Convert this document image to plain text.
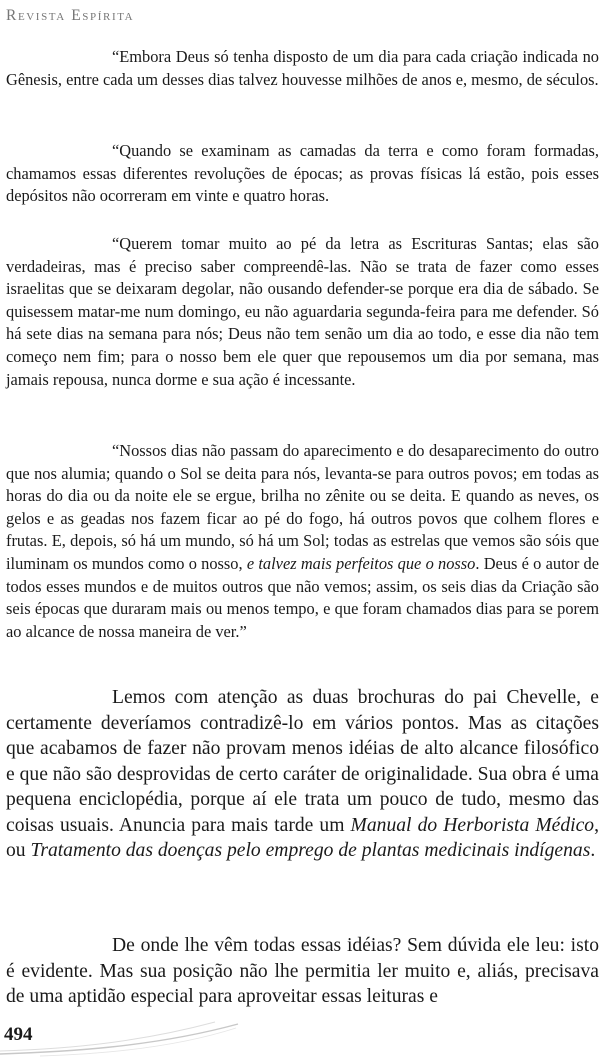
Revista Espírita

“Embora Deus só tenha disposto de um dia para cada criação indicada no Gênesis, entre cada um desses dias talvez houvesse milhões de anos e, mesmo, de séculos.

“Quando se examinam as camadas da terra e como foram formadas, chamamos essas diferentes revoluções de épocas; as provas físicas lá estão, pois esses depósitos não ocorreram em vinte e quatro horas.

“Querem tomar muito ao pé da letra as Escrituras Santas; elas são verdadeiras, mas é preciso saber compreendê-las. Não se trata de fazer como esses israelitas que se deixaram degolar, não ousando defender-se porque era dia de sábado. Se quisessem matar-me num domingo, eu não aguardaria segunda-feira para me defender. Só há sete dias na semana para nós; Deus não tem senão um dia ao todo, e esse dia não tem começo nem fim; para o nosso bem ele quer que repousemos um dia por semana, mas jamais repousa, nunca dorme e sua ação é incessante.

“Nossos dias não passam do aparecimento e do desaparecimento do outro que nos alumia; quando o Sol se deita para nós, levanta-se para outros povos; em todas as horas do dia ou da noite ele se ergue, brilha no zênite ou se deita. E quando as neves, os gelos e as geadas nos fazem ficar ao pé do fogo, há outros povos que colhem flores e frutas. E, depois, só há um mundo, só há um Sol; todas as estrelas que vemos são sóis que iluminam os mundos como o nosso, e talvez mais perfeitos que o nosso. Deus é o autor de todos esses mundos e de muitos outros que não vemos; assim, os seis dias da Criação são seis épocas que duraram mais ou menos tempo, e que foram chamados dias para se porem ao alcance de nossa maneira de ver.”

Lemos com atenção as duas brochuras do pai Chevelle, e certamente deveríamos contradizê-lo em vários pontos. Mas as citações que acabamos de fazer não provam menos idéias de alto alcance filosófico e que não são desprovidas de certo caráter de originalidade. Sua obra é uma pequena enciclopédia, porque aí ele trata um pouco de tudo, mesmo das coisas usuais. Anuncia para mais tarde um Manual do Herborista Médico, ou Tratamento das doenças pelo emprego de plantas medicinais indígenas.

De onde lhe vêm todas essas idéias? Sem dúvida ele leu: isto é evidente. Mas sua posição não lhe permitia ler muito e, aliás, precisava de uma aptidão especial para aproveitar essas leituras e

494
